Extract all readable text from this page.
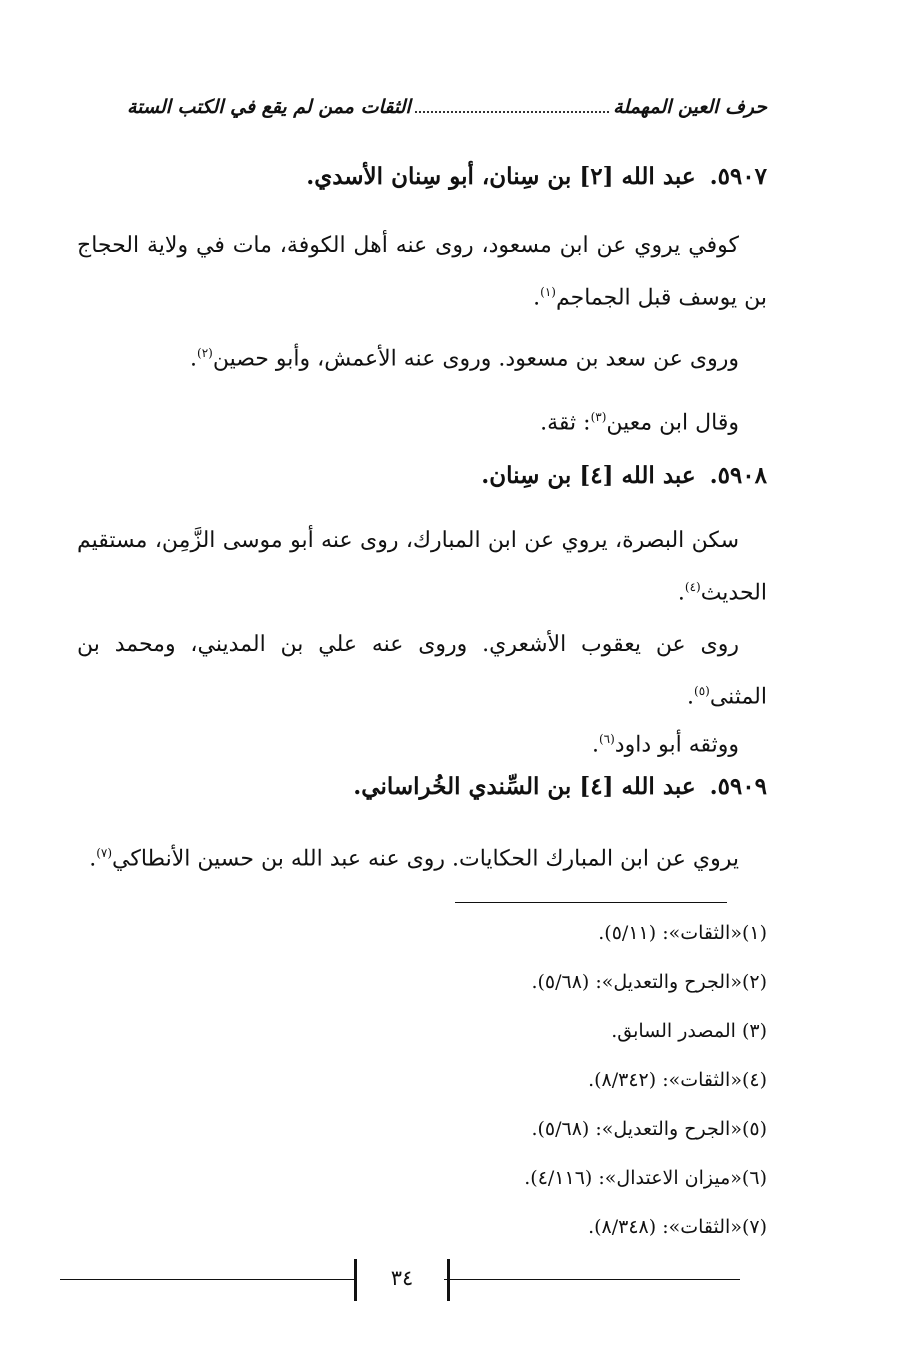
حرف العين المهملة
الثقات ممن لم يقع في الكتب الستة
٥٩٠٧.عبد الله [٢] بن سِنان، أبو سِنان الأسدي.
كوفي يروي عن ابن مسعود، روى عنه أهل الكوفة، مات في ولاية الحجاج بن يوسف قبل الجماجم$^{(١)}$.
وروى عن سعد بن مسعود. وروى عنه الأعمش، وأبو حصين$^{(٢)}$.
وقال ابن معين$^{(٣)}$: ثقة.
٥٩٠٨.عبد الله [٤] بن سِنان.
سكن البصرة، يروي عن ابن المبارك، روى عنه أبو موسى الزَّمِن، مستقيم الحديث$^{(٤)}$.
روى عن يعقوب الأشعري. وروى عنه علي بن المديني، ومحمد بن المثنى$^{(٥)}$.
ووثقه أبو داود$^{(٦)}$.
٥٩٠٩.عبد الله [٤] بن السِّندي الخُراساني.
يروي عن ابن المبارك الحكايات. روى عنه عبد الله بن حسين الأنطاكي$^{(٧)}$.
(١)«الثقات»: (٥/١١).
(٢)«الجرح والتعديل»: (٥/٦٨).
(٣) المصدر السابق.
(٤)«الثقات»: (٨/٣٤٢).
(٥)«الجرح والتعديل»: (٥/٦٨).
(٦)«ميزان الاعتدال»: (٤/١١٦).
(٧)«الثقات»: (٨/٣٤٨).
٣٤
